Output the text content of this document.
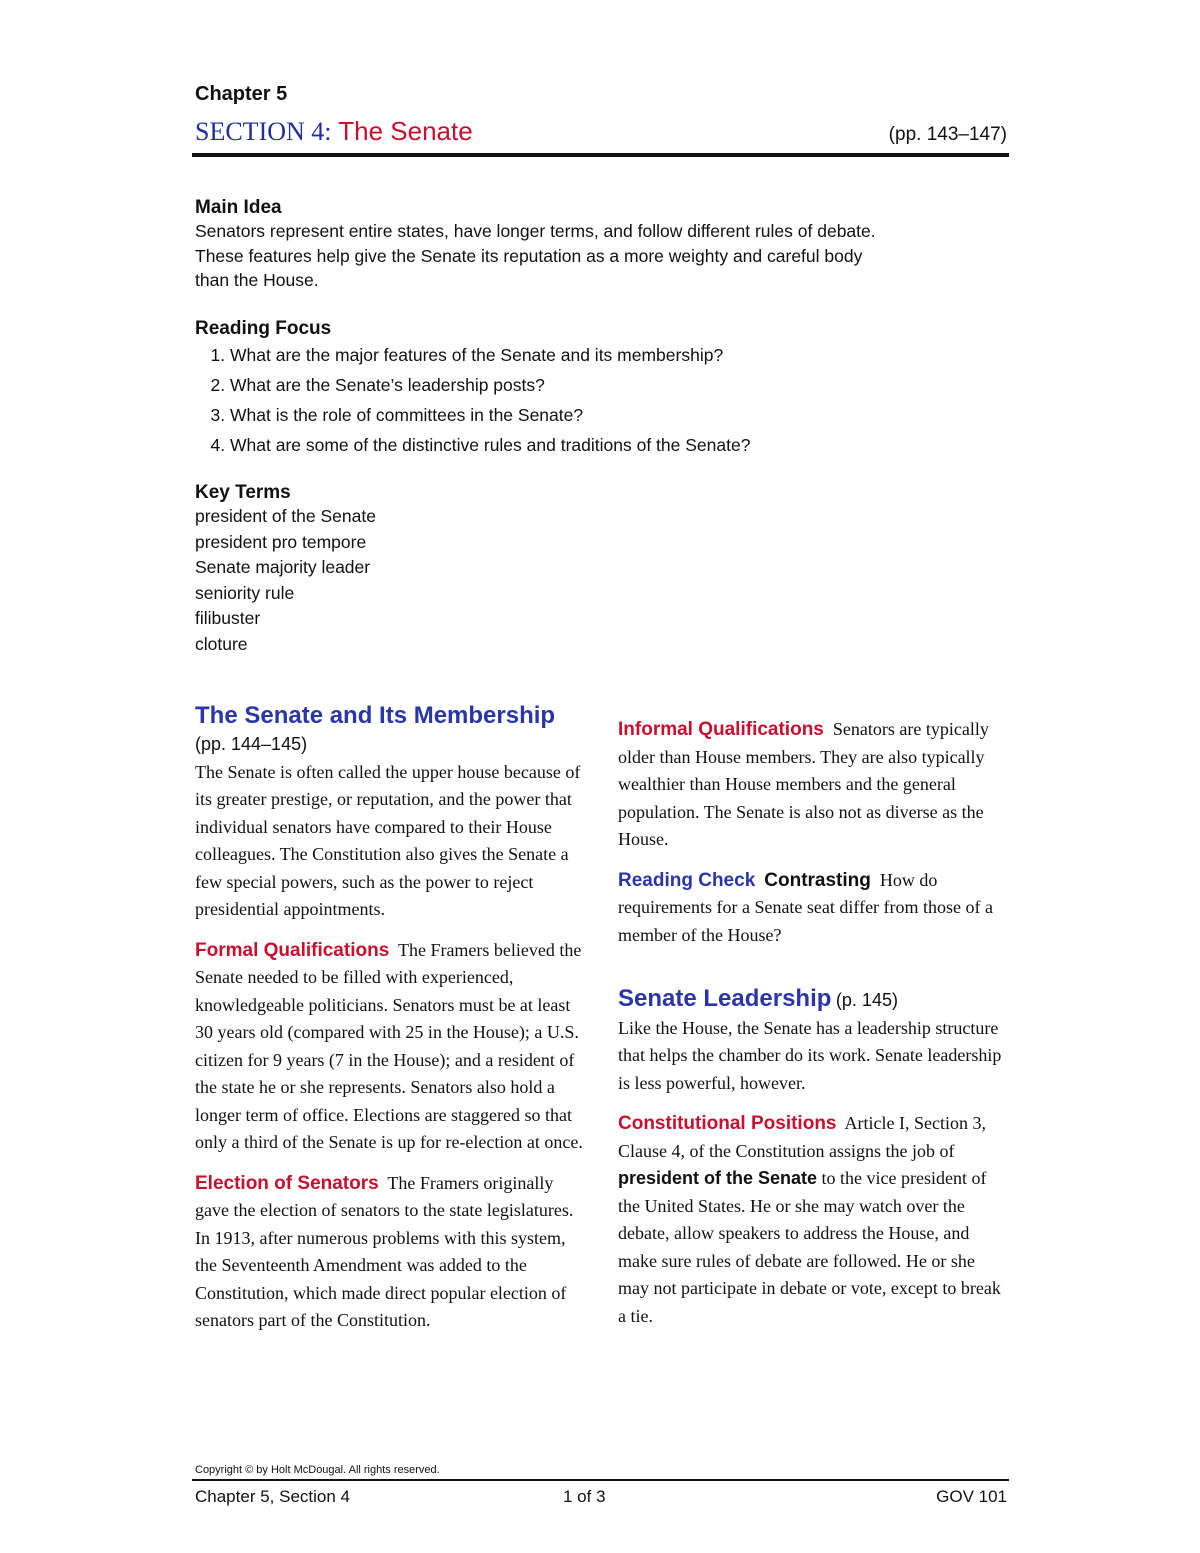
Chapter 5
SECTION 4: The Senate	(pp. 143–147)
Main Idea

Senators represent entire states, have longer terms, and follow different rules of debate. These features help give the Senate its reputation as a more weighty and careful body than the House.

Reading Focus
1. What are the major features of the Senate and its membership?
2. What are the Senate’s leadership posts?
3. What is the role of committees in the Senate?
4. What are some of the distinctive rules and traditions of the Senate?
Key Terms
president of the Senate
president pro tempore
Senate majority leader
seniority rule
filibuster
cloture
The Senate and Its Membership
(pp. 144–145)

The Senate is often called the upper house because of its greater prestige, or reputation, and the power that individual senators have compared to their House colleagues. The Constitution also gives the Senate a few special powers, such as the power to reject presidential appointments.

Formal Qualifications The Framers believed the Senate needed to be filled with experienced, knowledgeable politicians. Senators must be at least 30 years old (compared with 25 in the House); a U.S. citizen for 9 years (7 in the House); and a resident of the state he or she represents. Senators also hold a longer term of office. Elections are staggered so that only a third of the Senate is up for re-election at once.

Election of Senators The Framers originally gave the election of senators to the state legislatures. In 1913, after numerous problems with this system, the Seventeenth Amendment was added to the Constitution, which made direct popular election of senators part of the Constitution.

Informal Qualifications Senators are typically older than House members. They are also typically wealthier than House members and the general population. The Senate is also not as diverse as the House.

Reading Check Contrasting How do requirements for a Senate seat differ from those of a member of the House?

Senate Leadership (p. 145)

Like the House, the Senate has a leadership structure that helps the chamber do its work. Senate leadership is less powerful, however.

Constitutional Positions Article I, Section 3, Clause 4, of the Constitution assigns the job of president of the Senate to the vice president of the United States. He or she may watch over the debate, allow speakers to address the House, and make sure rules of debate are followed. He or she may not participate in debate or vote, except to break a tie.

Copyright © by Holt McDougal. All rights reserved.
Chapter 5, Section 4	1 of 3	GOV 101
